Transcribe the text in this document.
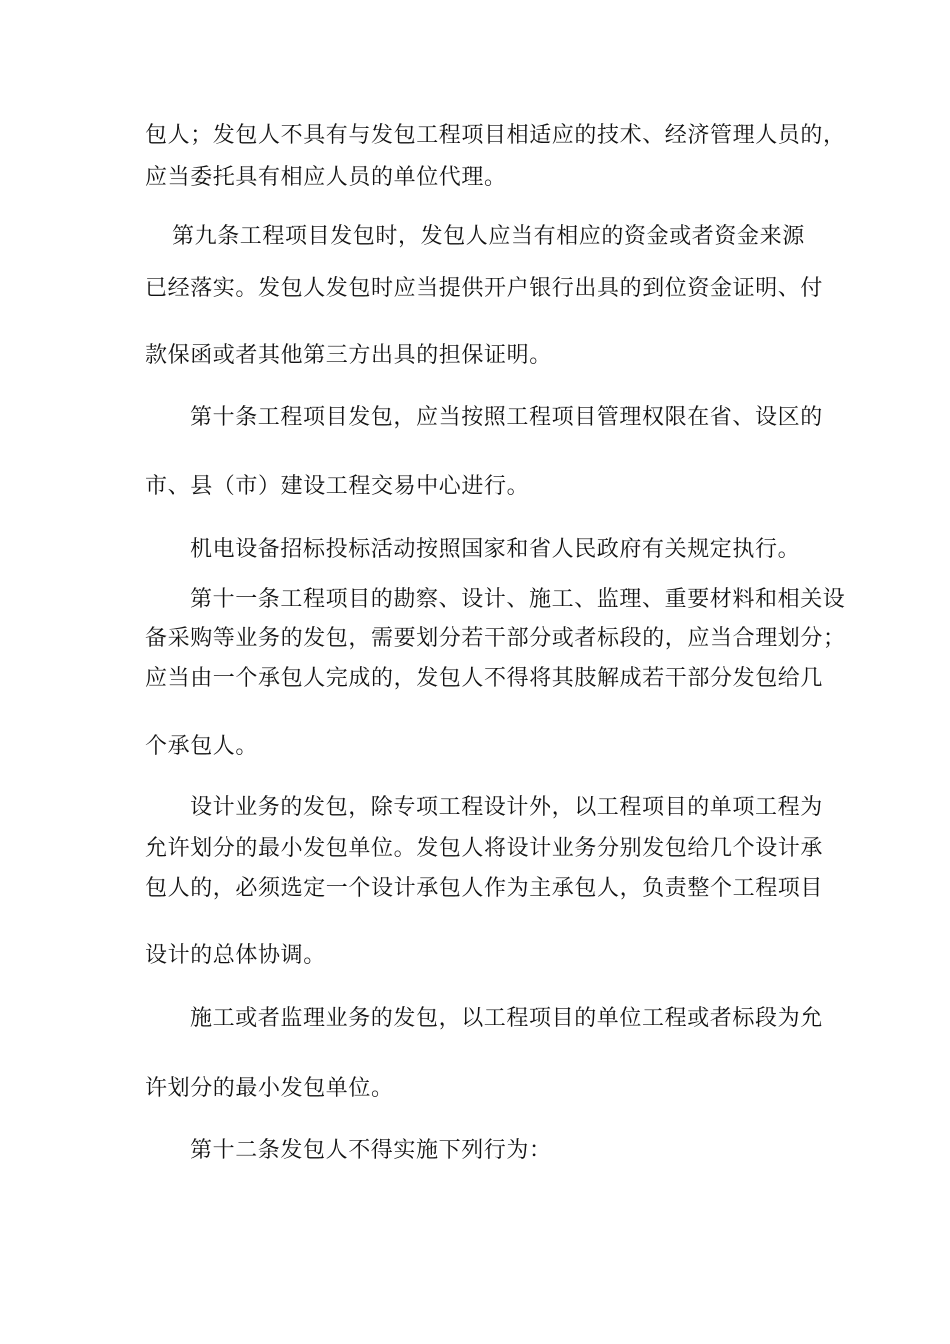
包人；发包人不具有与发包工程项目相适应的技术、经济管理人员的，
应当委托具有相应人员的单位代理。
第九条工程项目发包时，发包人应当有相应的资金或者资金来源
已经落实。发包人发包时应当提供开户银行出具的到位资金证明、付
款保函或者其他第三方出具的担保证明。
第十条工程项目发包，应当按照工程项目管理权限在省、设区的
市、县（市）建设工程交易中心进行。
机电设备招标投标活动按照国家和省人民政府有关规定执行。
第十一条工程项目的勘察、设计、施工、监理、重要材料和相关设
备采购等业务的发包，需要划分若干部分或者标段的，应当合理划分；
应当由一个承包人完成的，发包人不得将其肢解成若干部分发包给几
个承包人。
设计业务的发包，除专项工程设计外，以工程项目的单项工程为
允许划分的最小发包单位。发包人将设计业务分别发包给几个设计承
包人的，必须选定一个设计承包人作为主承包人，负责整个工程项目
设计的总体协调。
施工或者监理业务的发包，以工程项目的单位工程或者标段为允
许划分的最小发包单位。
第十二条发包人不得实施下列行为：
